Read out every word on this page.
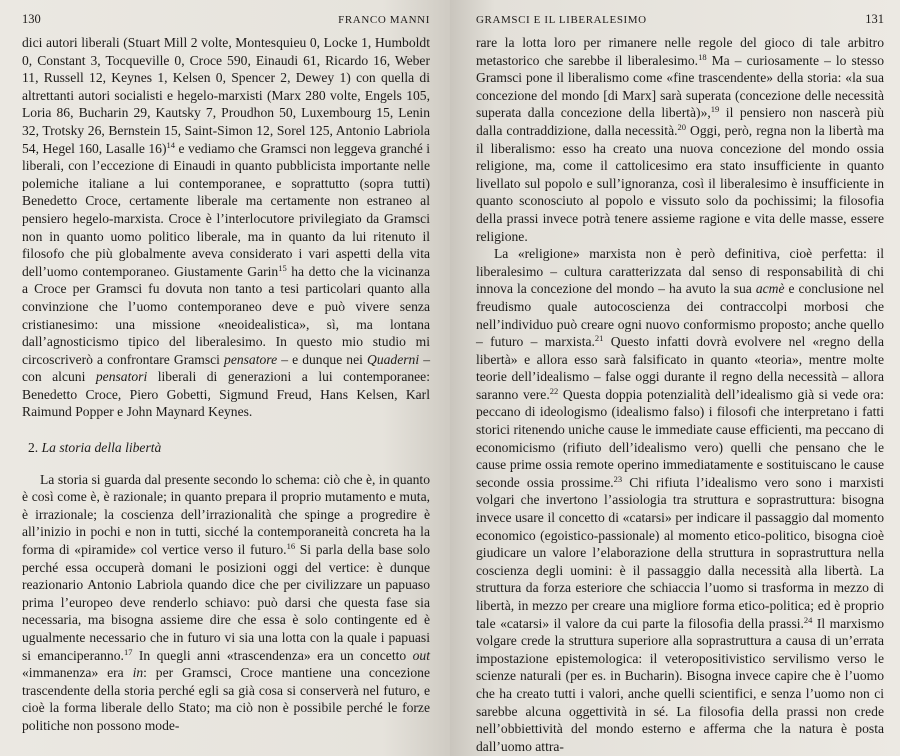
130	FRANCO MANNI

dici autori liberali (Stuart Mill 2 volte, Montesquieu 0, Locke 1, Humboldt 0, Constant 3, Tocqueville 0, Croce 590, Einaudi 61, Ricardo 16, Weber 11, Russell 12, Keynes 1, Kelsen 0, Spencer 2, Dewey 1) con quella di altrettanti autori socialisti e hegelo-marxisti (Marx 280 volte, Engels 105, Loria 86, Bucharin 29, Kautsky 7, Proudhon 50, Luxembourg 15, Lenin 32, Trotsky 26, Bernstein 15, Saint-Simon 12, Sorel 125, Antonio Labriola 54, Hegel 160, Lasalle 16)$^{14}$ e vediamo che Gramsci non leggeva granché i liberali, con l’eccezione di Einaudi in quanto pubblicista importante nelle polemiche italiane a lui contemporanee, e soprattutto (sopra tutti) Benedetto Croce, certamente liberale ma certamente non estraneo al pensiero hegelo-marxista. Croce è l’interlocutore privilegiato da Gramsci non in quanto uomo politico liberale, ma in quanto da lui ritenuto il filosofo che più globalmente aveva considerato i vari aspetti della vita dell’uomo contemporaneo. Giustamente Garin$^{15}$ ha detto che la vicinanza a Croce per Gramsci fu dovuta non tanto a tesi particolari quanto alla convinzione che l’uomo contemporaneo deve e può vivere senza cristianesimo: una missione «neoidealistica», sì, ma lontana dall’agnosticismo tipico del liberalesimo. In questo mio studio mi circoscriverò a confrontare Gramsci pensatore – e dunque nei Quaderni – con alcuni pensatori liberali di generazioni a lui contemporanee: Benedetto Croce, Piero Gobetti, Sigmund Freud, Hans Kelsen, Karl Raimund Popper e John Maynard Keynes.

2. La storia della libertà

La storia si guarda dal presente secondo lo schema: ciò che è, in quanto è così come è, è razionale; in quanto prepara il proprio mutamento e muta, è irrazionale; la coscienza dell’irrazionalità che spinge a progredire è all’inizio in pochi e non in tutti, sicché la contemporaneità concreta ha la forma di «piramide» col vertice verso il futuro.$^{16}$ Si parla della base solo perché essa occuperà domani le posizioni oggi del vertice: è dunque reazionario Antonio Labriola quando dice che per civilizzare un papuaso prima l’europeo deve renderlo schiavo: può darsi che questa fase sia necessaria, ma bisogna assieme dire che essa è solo contingente ed è ugualmente necessario che in futuro vi sia una lotta con la quale i papuasi si emanciperanno.$^{17}$ In quegli anni «trascendenza» era un concetto out «immanenza» era in: per Gramsci, Croce mantiene una concezione trascendente della storia perché egli sa già cosa si conserverà nel futuro, e cioè la forma liberale dello Stato; ma ciò non è possibile perché le forze politiche non possono mode-

GRAMSCI E IL LIBERALESIMO	131

rare la lotta loro per rimanere nelle regole del gioco di tale arbitro metastorico che sarebbe il liberalesimo.$^{18}$ Ma – curiosamente – lo stesso Gramsci pone il liberalismo come «fine trascendente» della storia: «la sua concezione del mondo [di Marx] sarà superata (concezione delle necessità superata dalla concezione della libertà)»,$^{19}$ il pensiero non nascerà più dalla contraddizione, dalla necessità.$^{20}$ Oggi, però, regna non la libertà ma il liberalismo: esso ha creato una nuova concezione del mondo ossia religione, ma, come il cattolicesimo era stato insufficiente in quanto livellato sul popolo e sull’ignoranza, così il liberalesimo è insufficiente in quanto sconosciuto al popolo e vissuto solo da pochissimi; la filosofia della prassi invece potrà tenere assieme ragione e vita delle masse, essere religione.

La «religione» marxista non è però definitiva, cioè perfetta: il liberalesimo – cultura caratterizzata dal senso di responsabilità di chi innova la concezione del mondo – ha avuto la sua acmè e conclusione nel freudismo quale autocoscienza dei contraccolpi morbosi che nell’individuo può creare ogni nuovo conformismo proposto; anche quello – futuro – marxista.$^{21}$ Questo infatti dovrà evolvere nel «regno della libertà» e allora esso sarà falsificato in quanto «teoria», mentre molte teorie dell’idealismo – false oggi durante il regno della necessità – allora saranno vere.$^{22}$ Questa doppia potenzialità dell’idealismo già si vede ora: peccano di ideologismo (idealismo falso) i filosofi che interpretano i fatti storici ritenendo uniche cause le immediate cause efficienti, ma peccano di economicismo (rifiuto dell’idealismo vero) quelli che pensano che le cause prime ossia remote operino immediatamente e sostituiscano le cause seconde ossia prossime.$^{23}$ Chi rifiuta l’idealismo vero sono i marxisti volgari che invertono l’assiologia tra struttura e soprastruttura: bisogna invece usare il concetto di «catarsi» per indicare il passaggio dal momento economico (egoistico-passionale) al momento etico-politico, bisogna cioè giudicare un valore l’elaborazione della struttura in soprastruttura nella coscienza degli uomini: è il passaggio dalla necessità alla libertà. La struttura da forza esteriore che schiaccia l’uomo si trasforma in mezzo di libertà, in mezzo per creare una migliore forma etico-politica; ed è proprio tale «catarsi» il valore da cui parte la filosofia della prassi.$^{24}$ Il marxismo volgare crede la struttura superiore alla soprastruttura a causa di un’errata impostazione epistemologica: il veteropositivistico servilismo verso le scienze naturali (per es. in Bucharin). Bisogna invece capire che è l’uomo che ha creato tutti i valori, anche quelli scientifici, e senza l’uomo non ci sarebbe alcuna oggettività in sé. La filosofia della prassi non crede nell’obbiettività del mondo esterno e afferma che la natura è posta dall’uomo attra-
